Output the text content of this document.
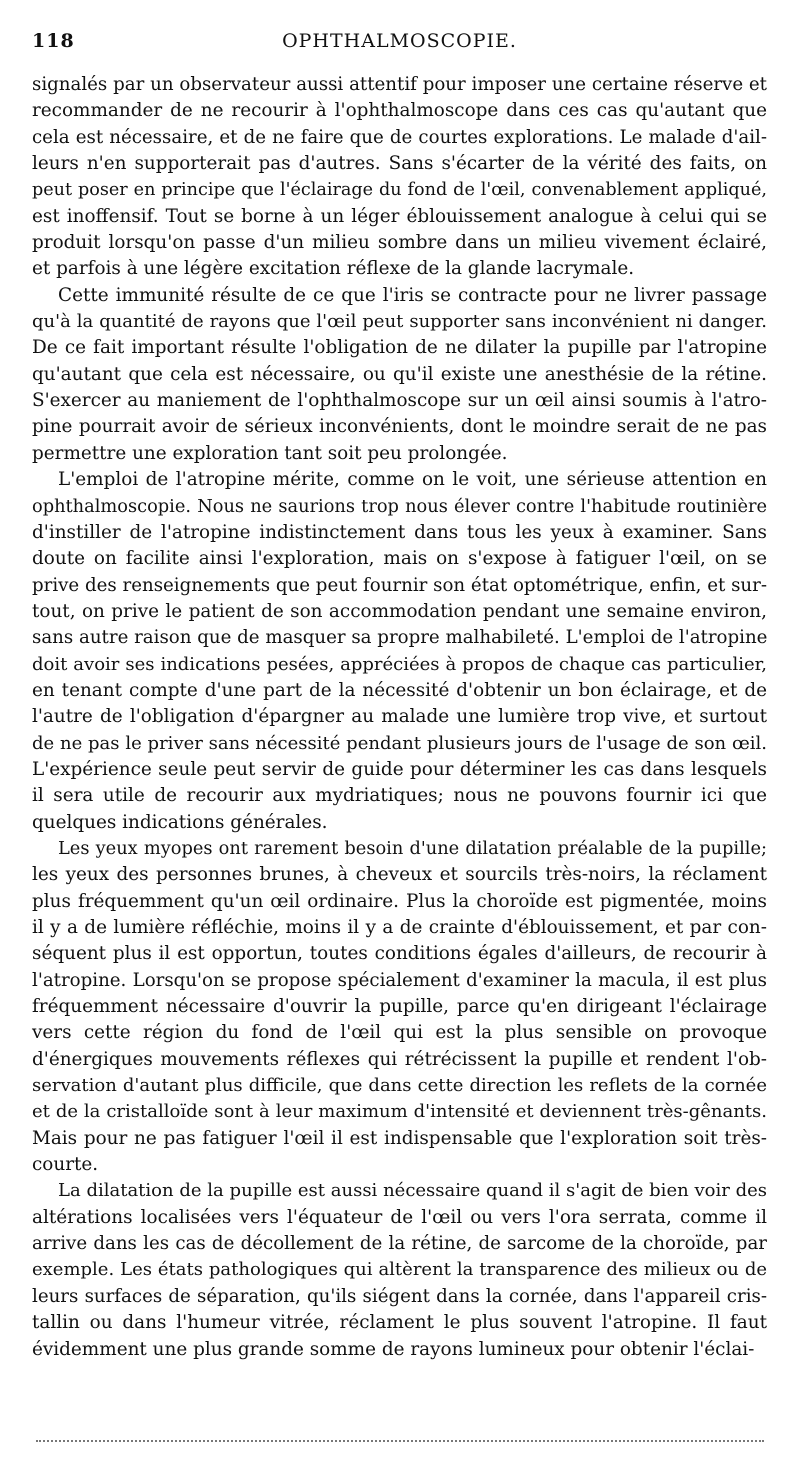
118	OPHTHALMOSCOPIE.
signalés par un observateur aussi attentif pour imposer une certaine réserve et
recommander de ne recourir à l'ophthalmoscope dans ces cas qu'autant que
cela est nécessaire, et de ne faire que de courtes explorations. Le malade d'ail-
leurs n'en supporterait pas d'autres. Sans s'écarter de la vérité des faits, on
peut poser en principe que l'éclairage du fond de l'œil, convenablement appliqué,
est inoffensif. Tout se borne à un léger éblouissement analogue à celui qui se
produit lorsqu'on passe d'un milieu sombre dans un milieu vivement éclairé,
et parfois à une légère excitation réflexe de la glande lacrymale.
Cette immunité résulte de ce que l'iris se contracte pour ne livrer passage
qu'à la quantité de rayons que l'œil peut supporter sans inconvénient ni danger.
De ce fait important résulte l'obligation de ne dilater la pupille par l'atropine
qu'autant que cela est nécessaire, ou qu'il existe une anesthésie de la rétine.
S'exercer au maniement de l'ophthalmoscope sur un œil ainsi soumis à l'atro-
pine pourrait avoir de sérieux inconvénients, dont le moindre serait de ne pas
permettre une exploration tant soit peu prolongée.
L'emploi de l'atropine mérite, comme on le voit, une sérieuse attention en
ophthalmoscopie. Nous ne saurions trop nous élever contre l'habitude routinière
d'instiller de l'atropine indistinctement dans tous les yeux à examiner. Sans
doute on facilite ainsi l'exploration, mais on s'expose à fatiguer l'œil, on se
prive des renseignements que peut fournir son état optométrique, enfin, et sur-
tout, on prive le patient de son accommodation pendant une semaine environ,
sans autre raison que de masquer sa propre malhabileté. L'emploi de l'atropine
doit avoir ses indications pesées, appréciées à propos de chaque cas particulier,
en tenant compte d'une part de la nécessité d'obtenir un bon éclairage, et de
l'autre de l'obligation d'épargner au malade une lumière trop vive, et surtout
de ne pas le priver sans nécessité pendant plusieurs jours de l'usage de son œil.
L'expérience seule peut servir de guide pour déterminer les cas dans lesquels
il sera utile de recourir aux mydriatiques; nous ne pouvons fournir ici que
quelques indications générales.
Les yeux myopes ont rarement besoin d'une dilatation préalable de la pupille;
les yeux des personnes brunes, à cheveux et sourcils très-noirs, la réclament
plus fréquemment qu'un œil ordinaire. Plus la choroïde est pigmentée, moins
il y a de lumière réfléchie, moins il y a de crainte d'éblouissement, et par con-
séquent plus il est opportun, toutes conditions égales d'ailleurs, de recourir à
l'atropine. Lorsqu'on se propose spécialement d'examiner la macula, il est plus
fréquemment nécessaire d'ouvrir la pupille, parce qu'en dirigeant l'éclairage
vers cette région du fond de l'œil qui est la plus sensible on provoque
d'énergiques mouvements réflexes qui rétrécissent la pupille et rendent l'ob-
servation d'autant plus difficile, que dans cette direction les reflets de la cornée
et de la cristalloïde sont à leur maximum d'intensité et deviennent très-gênants.
Mais pour ne pas fatiguer l'œil il est indispensable que l'exploration soit très-
courte.
La dilatation de la pupille est aussi nécessaire quand il s'agit de bien voir des
altérations localisées vers l'équateur de l'œil ou vers l'ora serrata, comme il
arrive dans les cas de décollement de la rétine, de sarcome de la choroïde, par
exemple. Les états pathologiques qui altèrent la transparence des milieux ou de
leurs surfaces de séparation, qu'ils siégent dans la cornée, dans l'appareil cris-
tallin ou dans l'humeur vitrée, réclament le plus souvent l'atropine. Il faut
évidemment une plus grande somme de rayons lumineux pour obtenir l'éclai-
